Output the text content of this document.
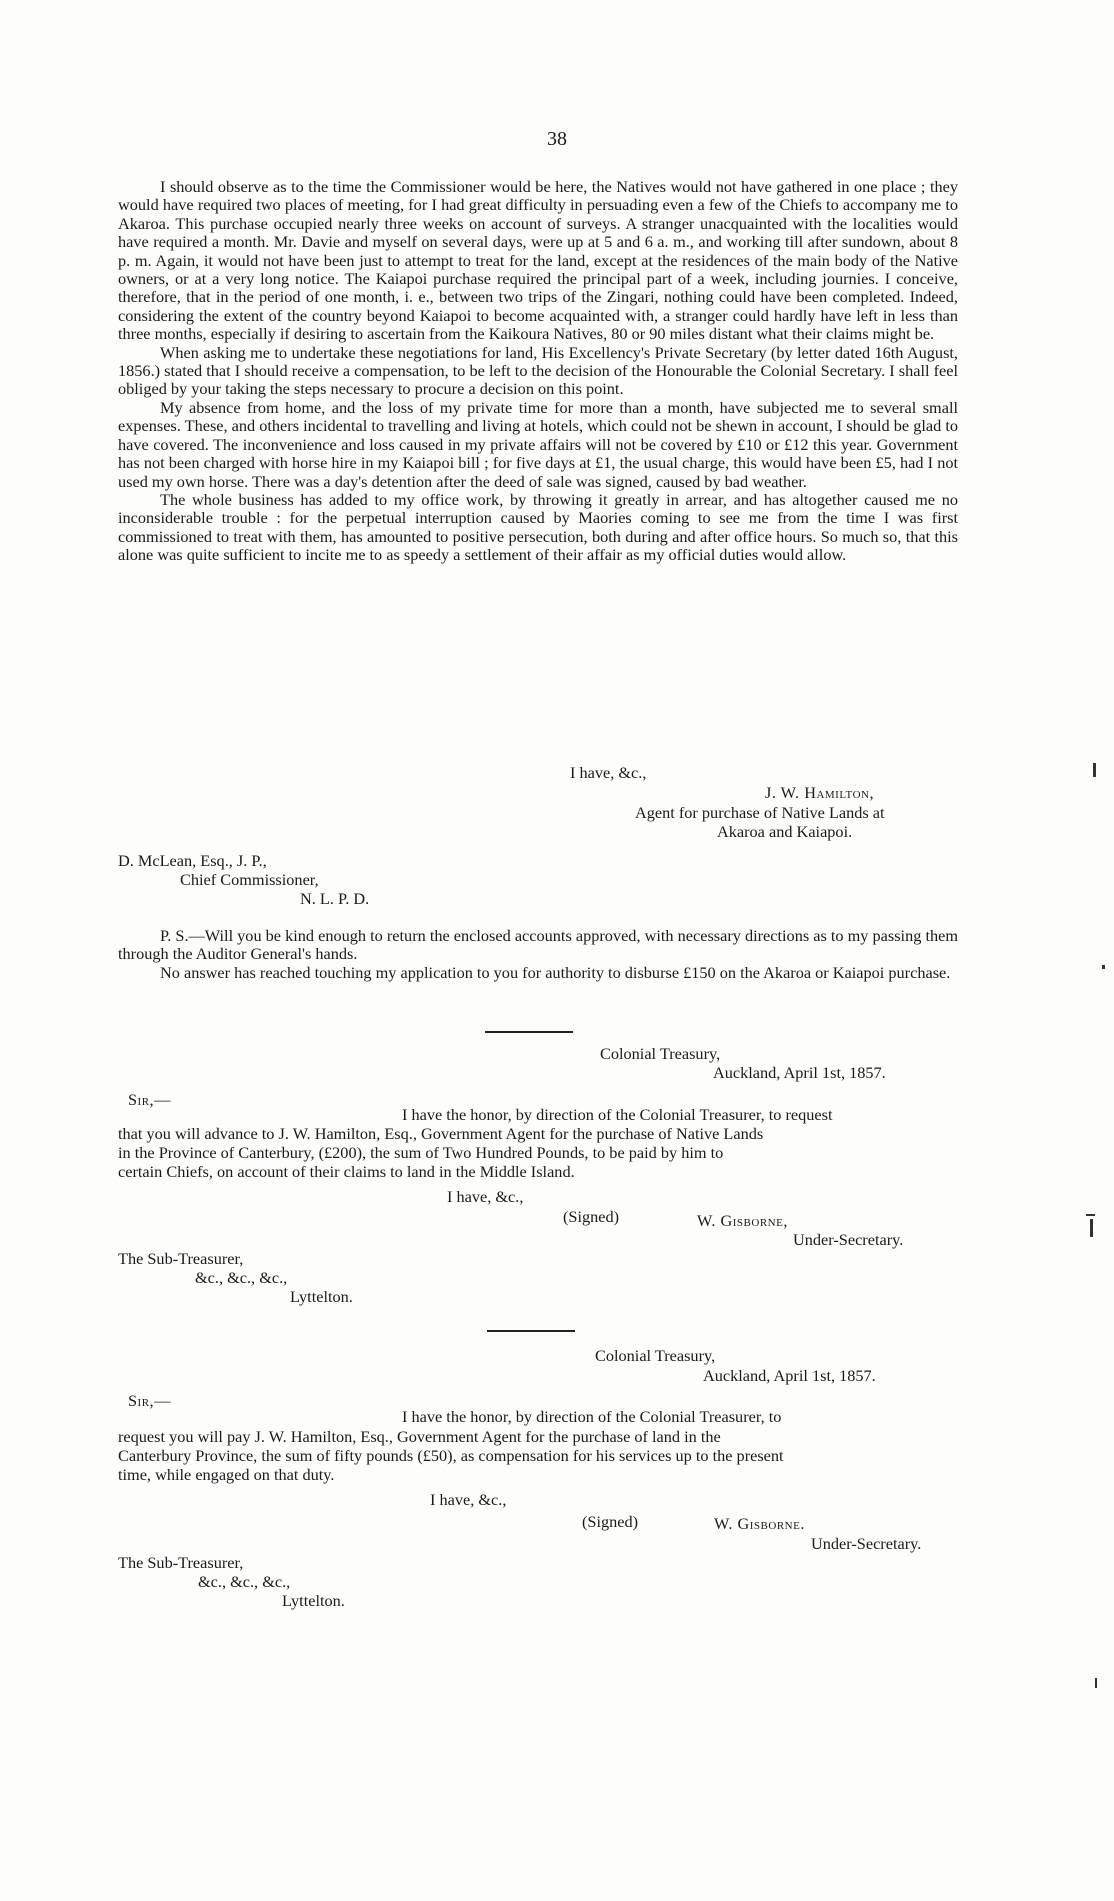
38

I should observe as to the time the Commissioner would be here, the Natives would not have gathered in one place ; they would have required two places of meeting, for I had great difficulty in persuading even a few of the Chiefs to accompany me to Akaroa. This purchase occupied nearly three weeks on account of surveys. A stranger unacquainted with the localities would have required a month. Mr. Davie and myself on several days, were up at 5 and 6 a. m., and working till after sundown, about 8 p. m. Again, it would not have been just to attempt to treat for the land, except at the residences of the main body of the Native owners, or at a very long notice. The Kaiapoi purchase required the principal part of a week, including journies. I conceive, therefore, that in the period of one month, i. e., between two trips of the Zingari, nothing could have been completed. Indeed, considering the extent of the country beyond Kaiapoi to become acquainted with, a stranger could hardly have left in less than three months, especially if desiring to ascertain from the Kaikoura Natives, 80 or 90 miles distant what their claims might be.

When asking me to undertake these negotiations for land, His Excellency's Private Secretary (by letter dated 16th August, 1856.) stated that I should receive a compensation, to be left to the decision of the Honourable the Colonial Secretary. I shall feel obliged by your taking the steps necessary to procure a decision on this point.

My absence from home, and the loss of my private time for more than a month, have subjected me to several small expenses. These, and others incidental to travelling and living at hotels, which could not be shewn in account, I should be glad to have covered. The inconvenience and loss caused in my private affairs will not be covered by £10 or £12 this year. Government has not been charged with horse hire in my Kaiapoi bill ; for five days at £1, the usual charge, this would have been £5, had I not used my own horse. There was a day's detention after the deed of sale was signed, caused by bad weather.

The whole business has added to my office work, by throwing it greatly in arrear, and has altogether caused me no inconsiderable trouble : for the perpetual interruption caused by Maories coming to see me from the time I was first commissioned to treat with them, has amounted to positive persecution, both during and after office hours. So much so, that this alone was quite sufficient to incite me to as speedy a settlement of their affair as my official duties would allow.

I have, &c.,
J. W. Hamilton,
Agent for purchase of Native Lands at
Akaroa and Kaiapoi.
D. McLean, Esq., J. P.,
Chief Commissioner,
N. L. P. D.

P. S.—Will you be kind enough to return the enclosed accounts approved, with necessary directions as to my passing them through the Auditor General's hands.

No answer has reached touching my application to you for authority to disburse £150 on the Akaroa or Kaiapoi purchase.

Colonial Treasury,
Auckland, April 1st, 1857.
Sir,—
I have the honor, by direction of the Colonial Treasurer, to request
that you will advance to J. W. Hamilton, Esq., Government Agent for the purchase of Native Lands
in the Province of Canterbury, (£200), the sum of Two Hundred Pounds, to be paid by him to
certain Chiefs, on account of their claims to land in the Middle Island.
I have, &c.,
(Signed)	W. Gisborne,
Under-Secretary.
The Sub-Treasurer,
&c., &c., &c.,
Lyttelton.
Colonial Treasury,
Auckland, April 1st, 1857.
Sir,—
I have the honor, by direction of the Colonial Treasurer, to
request you will pay J. W. Hamilton, Esq., Government Agent for the purchase of land in the
Canterbury Province, the sum of fifty pounds (£50), as compensation for his services up to the present
time, while engaged on that duty.
I have, &c.,
(Signed)	W. Gisborne.
Under-Secretary.
The Sub-Treasurer,
&c., &c., &c.,
Lyttelton.
